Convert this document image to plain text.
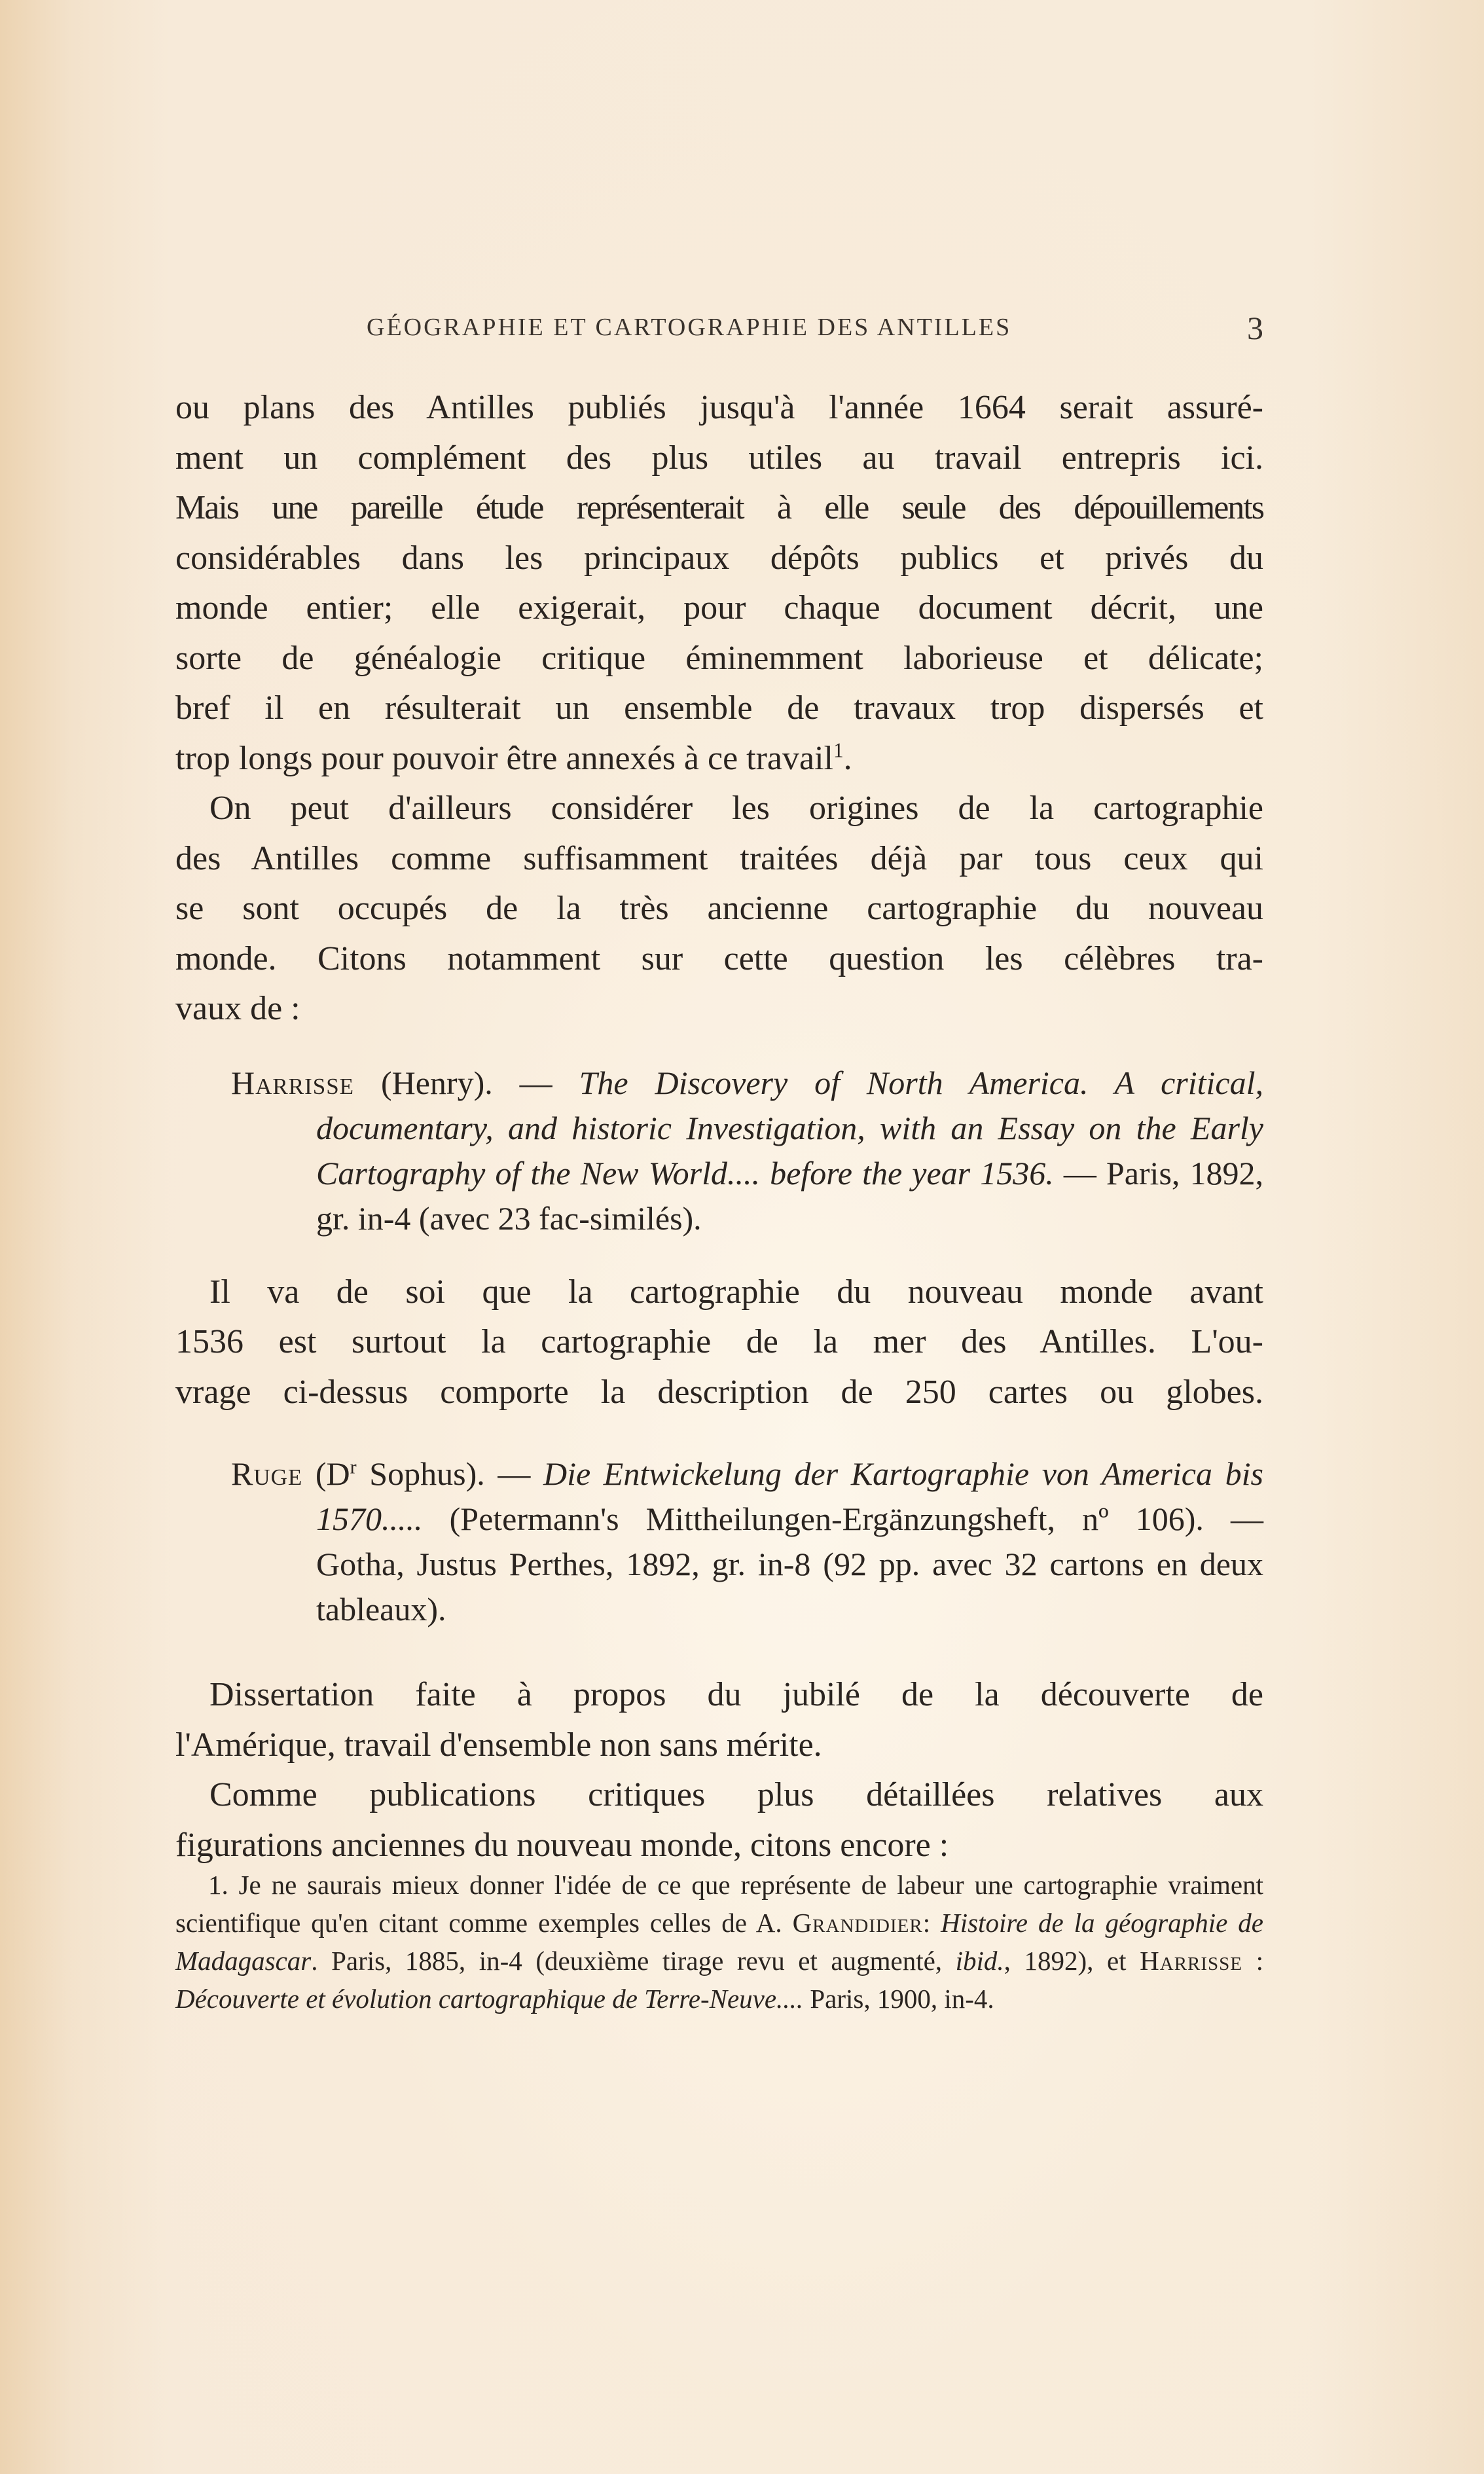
GÉOGRAPHIE ET CARTOGRAPHIE DES ANTILLES	3

ou plans des Antilles publiés jusqu'à l'année 1664 serait assuré-
ment un complément des plus utiles au travail entrepris ici.
Mais une pareille étude représenterait à elle seule des dépouillements
considérables dans les principaux dépôts publics et privés du
monde entier; elle exigerait, pour chaque document décrit, une
sorte de généalogie critique éminemment laborieuse et délicate;
bref il en résulterait un ensemble de travaux trop dispersés et
trop longs pour pouvoir être annexés à ce travail$^1$.

On peut d'ailleurs considérer les origines de la cartographie
des Antilles comme suffisamment traitées déjà par tous ceux qui
se sont occupés de la très ancienne cartographie du nouveau
monde. Citons notamment sur cette question les célèbres tra-
vaux de :

Harrisse (Henry). — The Discovery of North America. A critical, documentary, and historic Investigation, with an Essay on the Early Cartography of the New World.... before the year 1536. — Paris, 1892, gr. in-4 (avec 23 fac-similés).

Il va de soi que la cartographie du nouveau monde avant
1536 est surtout la cartographie de la mer des Antilles. L'ou-
vrage ci-dessus comporte la description de 250 cartes ou globes.

Ruge ($D^r$ Sophus). — Die Entwickelung der Kartographie von America bis 1570..... (Petermann's Mittheilungen-Ergänzungsheft, nº 106). — Gotha, Justus Perthes, 1892, gr. in-8 (92 pp. avec 32 cartons en deux tableaux).

Dissertation faite à propos du jubilé de la découverte de
l'Amérique, travail d'ensemble non sans mérite.

Comme publications critiques plus détaillées relatives aux
figurations anciennes du nouveau monde, citons encore :

1. Je ne saurais mieux donner l'idée de ce que représente de labeur une cartographie vraiment scientifique qu'en citant comme exemples celles de A. Grandidier: Histoire de la géographie de Madagascar. Paris, 1885, in-4 (deuxième tirage revu et augmenté, ibid., 1892), et Harrisse : Découverte et évolution cartographique de Terre-Neuve.... Paris, 1900, in-4.
